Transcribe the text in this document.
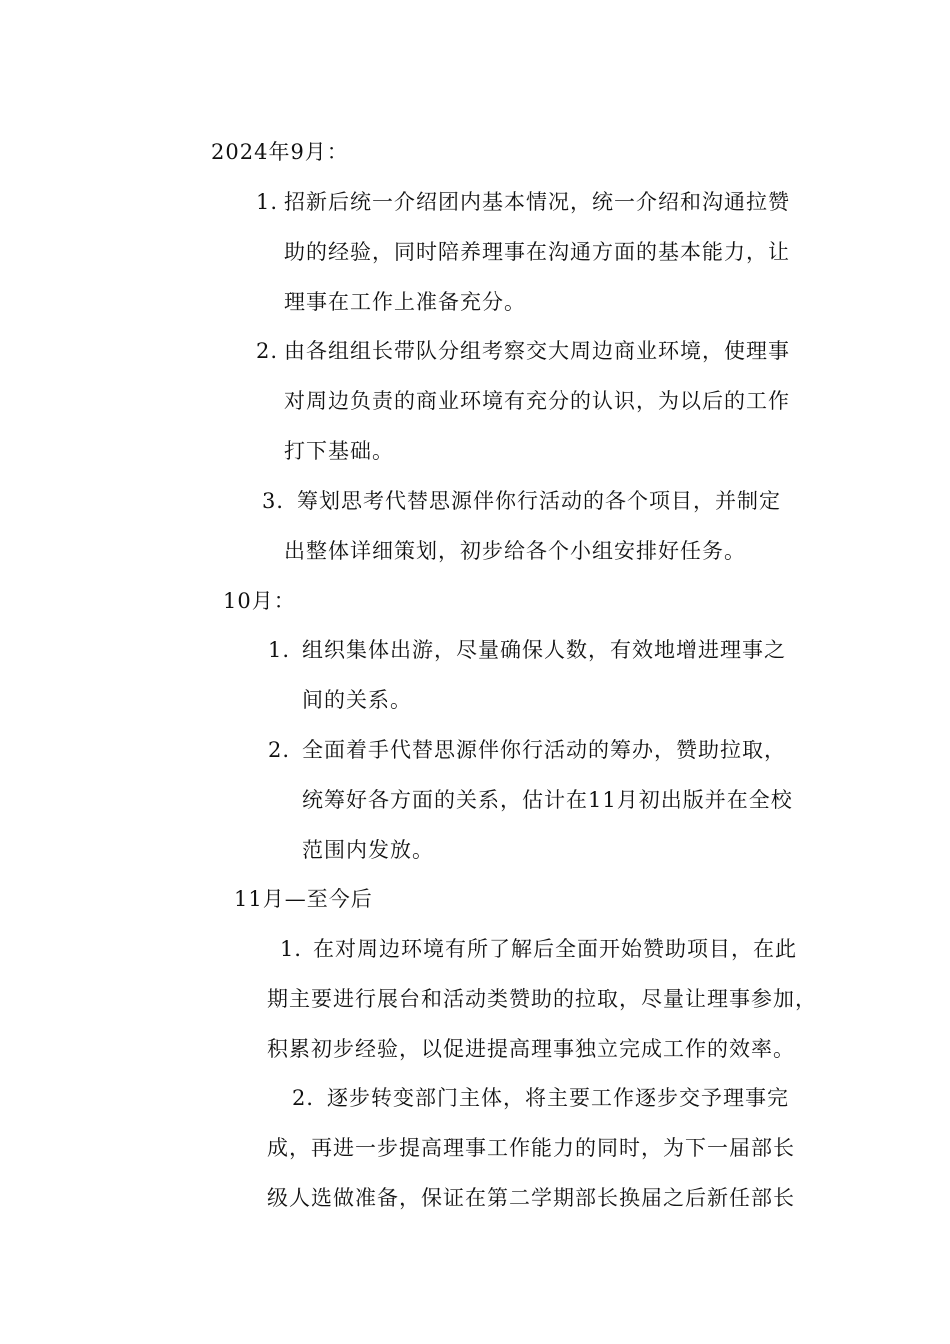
2024年9月：
1. 招新后统一介绍团内基本情况，统一介绍和沟通拉赞
助的经验，同时陪养理事在沟通方面的基本能力，让
理事在工作上准备充分。
2. 由各组组长带队分组考察交大周边商业环境，使理事
对周边负责的商业环境有充分的认识，为以后的工作
打下基础。
3．
筹划思考代替思源伴你行活动的各个项目，并制定
出整体详细策划，初步给各个小组安排好任务。
10月：
1. 组织集体出游，尽量确保人数，有效地增进理事之
间的关系。
2. 全面着手代替思源伴你行活动的筹办，赞助拉取，
统筹好各方面的关系，估计在11月初出版并在全校
范围内发放。
11月—至今后
1．
在对周边环境有所了解后全面开始赞助项目，在此
期主要进行展台和活动类赞助的拉取，尽量让理事参加，
积累初步经验，以促进提高理事独立完成工作的效率。
2．
逐步转变部门主体，将主要工作逐步交予理事完
成，再进一步提高理事工作能力的同时，为下一届部长
级人选做准备，保证在第二学期部长换届之后新任部长
